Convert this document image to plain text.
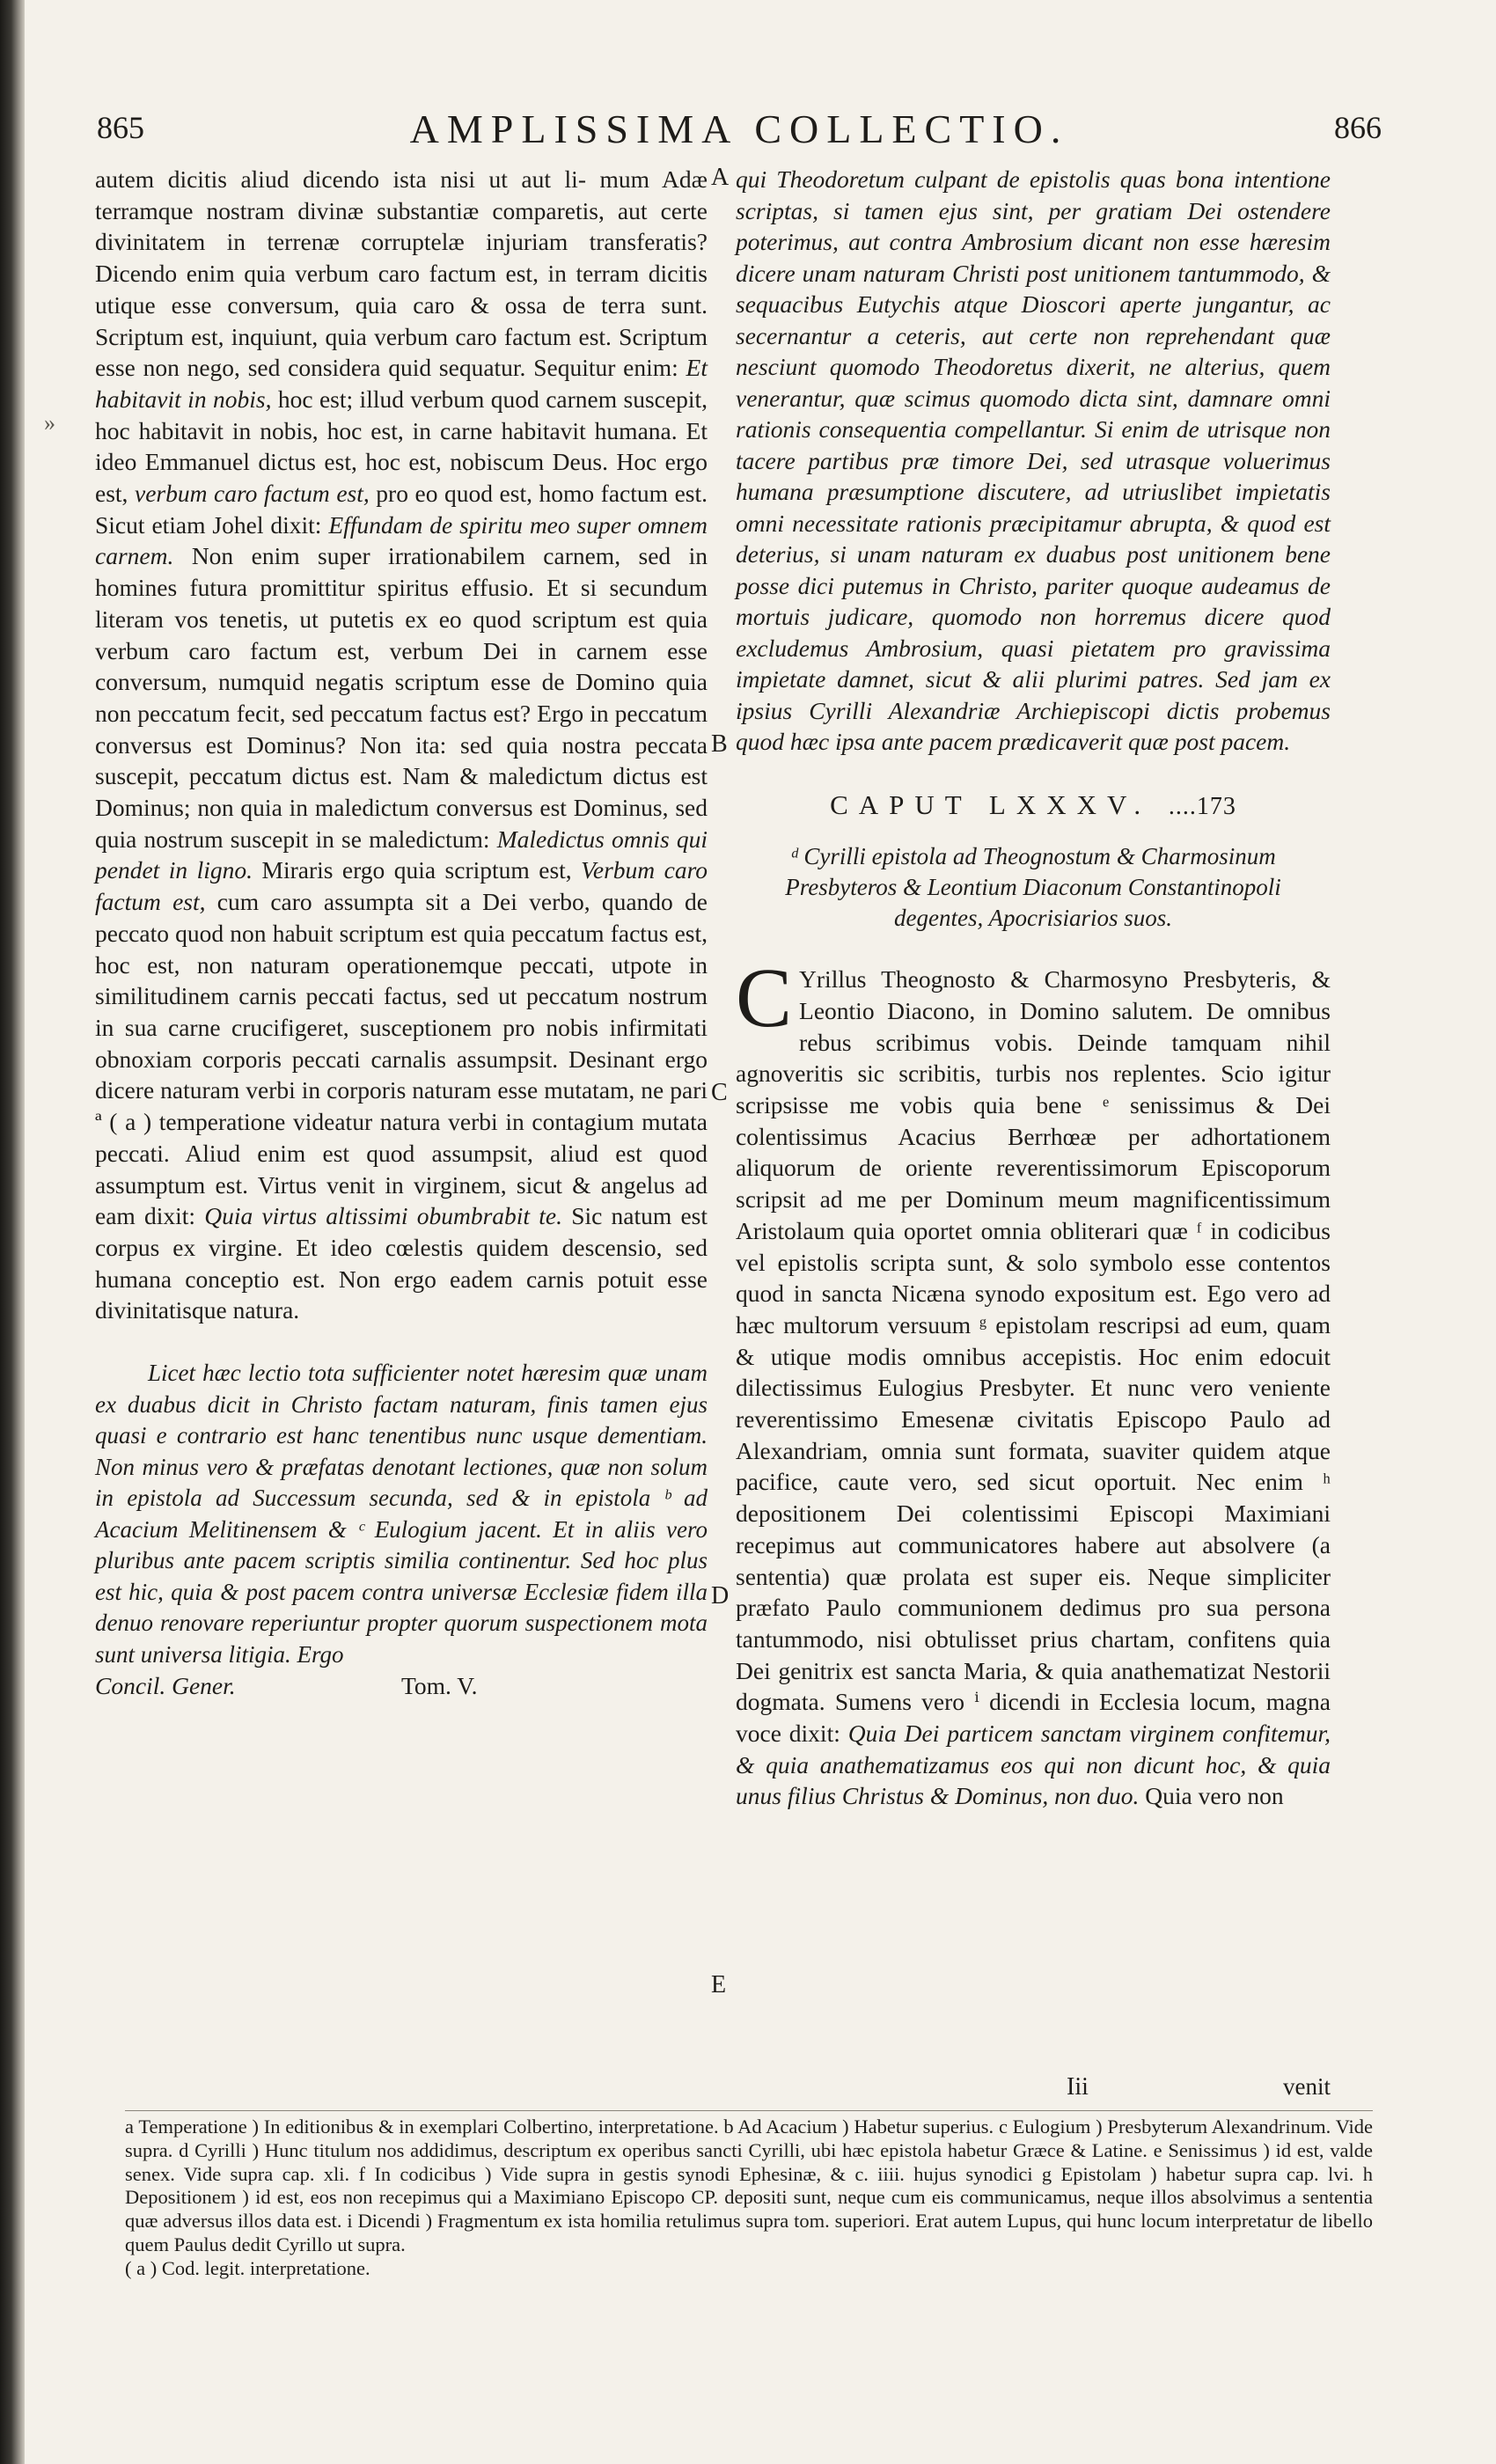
»
865	AMPLISSIMA COLLECTIO.	866
A
B
C
D
E

autem dicitis aliud dicendo ista nisi ut aut li- mum Adæ terramque nostram divinæ substantiæ comparetis, aut certe divinitatem in terrenæ corruptelæ injuriam transferatis? Dicendo enim quia verbum caro factum est, in terram dicitis utique esse conversum, quia caro & ossa de terra sunt. Scriptum est, inquiunt, quia verbum caro factum est. Scriptum esse non nego, sed considera quid sequatur. Sequitur enim: Et habitavit in nobis, hoc est; illud verbum quod carnem suscepit, hoc habitavit in nobis, hoc est, in carne habitavit humana. Et ideo Emmanuel dictus est, hoc est, nobiscum Deus. Hoc ergo est, verbum caro factum est, pro eo quod est, homo factum est. Sicut etiam Johel dixit: Effundam de spiritu meo super omnem carnem. Non enim super irrationabilem carnem, sed in homines futura promittitur spiritus effusio. Et si secundum literam vos tenetis, ut putetis ex eo quod scriptum est quia verbum caro factum est, verbum Dei in carnem esse conversum, numquid negatis scriptum esse de Domino quia non peccatum fecit, sed peccatum factus est? Ergo in peccatum conversus est Dominus? Non ita: sed quia nostra peccata suscepit, peccatum dictus est. Nam & maledictum dictus est Dominus; non quia in maledictum conversus est Dominus, sed quia nostrum suscepit in se maledictum: Maledictus omnis qui pendet in ligno. Miraris ergo quia scriptum est, Verbum caro factum est, cum caro assumpta sit a Dei verbo, quando de peccato quod non habuit scriptum est quia peccatum factus est, hoc est, non naturam operationemque peccati, utpote in similitudinem carnis peccati factus, sed ut peccatum nostrum in sua carne crucifigeret, susceptionem pro nobis infirmitati obnoxiam corporis peccati carnalis assumpsit. Desinant ergo dicere naturam verbi in corporis naturam esse mutatam, ne pari ª ( a ) temperatione videatur natura verbi in contagium mutata peccati. Aliud enim est quod assumpsit, aliud est quod assumptum est. Virtus venit in virginem, sicut & angelus ad eam dixit: Quia virtus altissimi obumbrabit te. Sic natum est corpus ex virgine. Et ideo cœlestis quidem descensio, sed humana conceptio est. Non ergo eadem carnis potuit esse divinitatisque natura.

Licet hæc lectio tota sufficienter notet hæresim quæ unam ex duabus dicit in Christo factam naturam, finis tamen ejus quasi e contrario est hanc tenentibus nunc usque dementiam. Non minus vero & præfatas denotant lectiones, quæ non solum in epistola ad Successum secunda, sed & in epistola ᵇ ad Acacium Melitinensem & ᶜ Eulogium jacent. Et in aliis vero pluribus ante pacem scriptis similia continentur. Sed hoc plus est hic, quia & post pacem contra universæ Ecclesiæ fidem illa denuo renovare reperiuntur propter quorum suspectionem mota sunt universa litigia. Ergo

Concil. Gener.	Tom. V.

qui Theodoretum culpant de epistolis quas bona intentione scriptas, si tamen ejus sint, per gratiam Dei ostendere poterimus, aut contra Ambrosium dicant non esse hæresim dicere unam naturam Christi post unitionem tantummodo, & sequacibus Eutychis atque Dioscori aperte jungantur, ac secernantur a ceteris, aut certe non reprehendant quæ nesciunt quomodo Theodoretus dixerit, ne alterius, quem venerantur, quæ scimus quomodo dicta sint, damnare omni rationis consequentia compellantur. Si enim de utrisque non tacere partibus præ timore Dei, sed utrasque voluerimus humana præsumptione discutere, ad utriuslibet impietatis omni necessitate rationis præcipitamur abrupta, & quod est deterius, si unam naturam ex duabus post unitionem bene posse dici putemus in Christo, pariter quoque audeamus de mortuis judicare, quomodo non horremus dicere quod excludemus Ambrosium, quasi pietatem pro gravissima impietate damnet, sicut & alii plurimi patres. Sed jam ex ipsius Cyrilli Alexandriæ Archiepiscopi dictis probemus quod hæc ipsa ante pacem prædicaverit quæ post pacem.

CAPUT LXXXV. ....173

ᵈ Cyrilli epistola ad Theognostum & Charmosinum Presbyteros & Leontium Diaconum Constantinopoli degentes, Apocrisiarios suos.

C Yrillus Theognosto & Charmosyno Presbyteris, & Leontio Diacono, in Domino salutem. De omnibus rebus scribimus vobis. Deinde tamquam nihil agnoveritis sic scribitis, turbis nos replentes. Scio igitur scripsisse me vobis quia bene ᵉ senissimus & Dei colentissimus Acacius Berrhœæ per adhortationem aliquorum de oriente reverentissimorum Episcoporum scripsit ad me per Dominum meum magnificentissimum Aristolaum quia oportet omnia obliterari quæ ᶠ in codicibus vel epistolis scripta sunt, & solo symbolo esse contentos quod in sancta Nicæna synodo expositum est. Ego vero ad hæc multorum versuum ᵍ epistolam rescripsi ad eum, quam & utique modis omnibus accepistis. Hoc enim edocuit dilectissimus Eulogius Presbyter. Et nunc vero veniente reverentissimo Emesenæ civitatis Episcopo Paulo ad Alexandriam, omnia sunt formata, suaviter quidem atque pacifice, caute vero, sed sicut oportuit. Nec enim ʰ depositionem Dei colentissimi Episcopi Maximiani recepimus aut communicatores habere aut absolvere (a sententia) quæ prolata est super eis. Neque simpliciter præfato Paulo communionem dedimus pro sua persona tantummodo, nisi obtulisset prius chartam, confitens quia Dei genitrix est sancta Maria, & quia anathematizat Nestorii dogmata. Sumens vero ⁱ dicendi in Ecclesia locum, magna voce dixit: Quia Dei particem sanctam virginem confitemur, & quia anathematizamus eos qui non dicunt hoc, & quia unus filius Christus & Dominus, non duo. Quia vero non

Iii	venit

a Temperatione ) In editionibus & in exemplari Colbertino, interpretatione. b Ad Acacium ) Habetur superius. c Eulogium ) Presbyterum Alexandrinum. Vide supra. d Cyrilli ) Hunc titulum nos addidimus, descriptum ex operibus sancti Cyrilli, ubi hæc epistola habetur Græce & Latine. e Senissimus ) id est, valde senex. Vide supra cap. xli. f In codicibus ) Vide supra in gestis synodi Ephesinæ, & c. iiii. hujus synodici g Epistolam ) habetur supra cap. lvi. h Depositionem ) id est, eos non recepimus qui a Maximiano Episcopo CP. depositi sunt, neque cum eis communicamus, neque illos absolvimus a sententia quæ adversus illos data est. i Dicendi ) Fragmentum ex ista homilia retulimus supra tom. superiori. Erat autem Lupus, qui hunc locum interpretatur de libello quem Paulus dedit Cyrillo ut supra.

( a ) Cod. legit. interpretatione.
